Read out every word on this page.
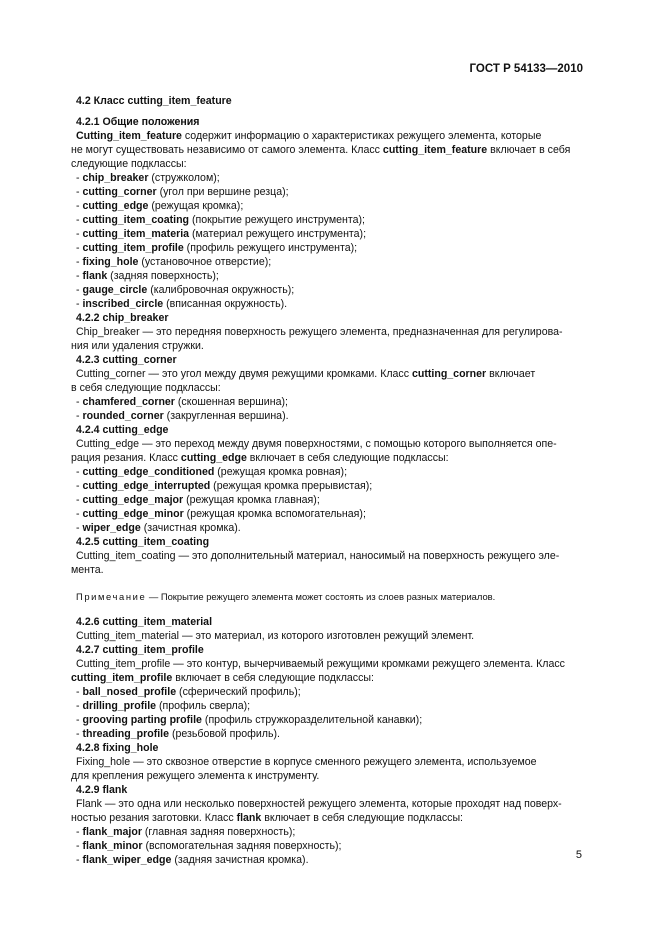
ГОСТ Р 54133—2010
4.2 Класс cutting_item_feature
4.2.1 Общие положения
Cutting_item_feature содержит информацию о характеристиках режущего элемента, которые
не могут существовать независимо от самого элемента. Класс cutting_item_feature включает в себя
следующие подклассы:
- chip_breaker (стружколом);
- cutting_corner (угол при вершине резца);
- cutting_edge (режущая кромка);
- cutting_item_coating (покрытие режущего инструмента);
- cutting_item_materia (материал режущего инструмента);
- cutting_item_profile (профиль режущего инструмента);
- fixing_hole (установочное отверстие);
- flank (задняя поверхность);
- gauge_circle (калибровочная окружность);
- inscribed_circle (вписанная окружность).
4.2.2 chip_breaker
Chip_breaker — это передняя поверхность режущего элемента, предназначенная для регулирова-
ния или удаления стружки.
4.2.3 cutting_corner
Cutting_corner — это угол между двумя режущими кромками. Класс cutting_corner включает
в себя следующие подклассы:
- chamfered_corner (скошенная вершина);
- rounded_corner (закругленная вершина).
4.2.4 cutting_edge
Cutting_edge — это переход между двумя поверхностями, с помощью которого выполняется опе-
рация резания. Класс cutting_edge включает в себя следующие подклассы:
- cutting_edge_conditioned (режущая кромка ровная);
- cutting_edge_interrupted (режущая кромка прерывистая);
- cutting_edge_major (режущая кромка главная);
- cutting_edge_minor (режущая кромка вспомогательная);
- wiper_edge (зачистная кромка).
4.2.5 cutting_item_coating
Cutting_item_coating — это дополнительный материал, наносимый на поверхность режущего эле-
мента.
Примечание — Покрытие режущего элемента может состоять из слоев разных материалов.
4.2.6 cutting_item_material
Cutting_item_material — это материал, из которого изготовлен режущий элемент.
4.2.7 cutting_item_profile
Cutting_item_profile — это контур, вычерчиваемый режущими кромками режущего элемента. Класс
cutting_item_profile включает в себя следующие подклассы:
- ball_nosed_profile (сферический профиль);
- drilling_profile (профиль сверла);
- grooving parting profile (профиль стружкоразделительной канавки);
- threading_profile (резьбовой профиль).
4.2.8 fixing_hole
Fixing_hole — это сквозное отверстие в корпусе сменного режущего элемента, используемое
для крепления режущего элемента к инструменту.
4.2.9 flank
Flank — это одна или несколько поверхностей режущего элемента, которые проходят над поверх-
ностью резания заготовки. Класс flank включает в себя следующие подклассы:
- flank_major (главная задняя поверхность);
- flank_minor (вспомогательная задняя поверхность);
- flank_wiper_edge (задняя зачистная кромка).	5
